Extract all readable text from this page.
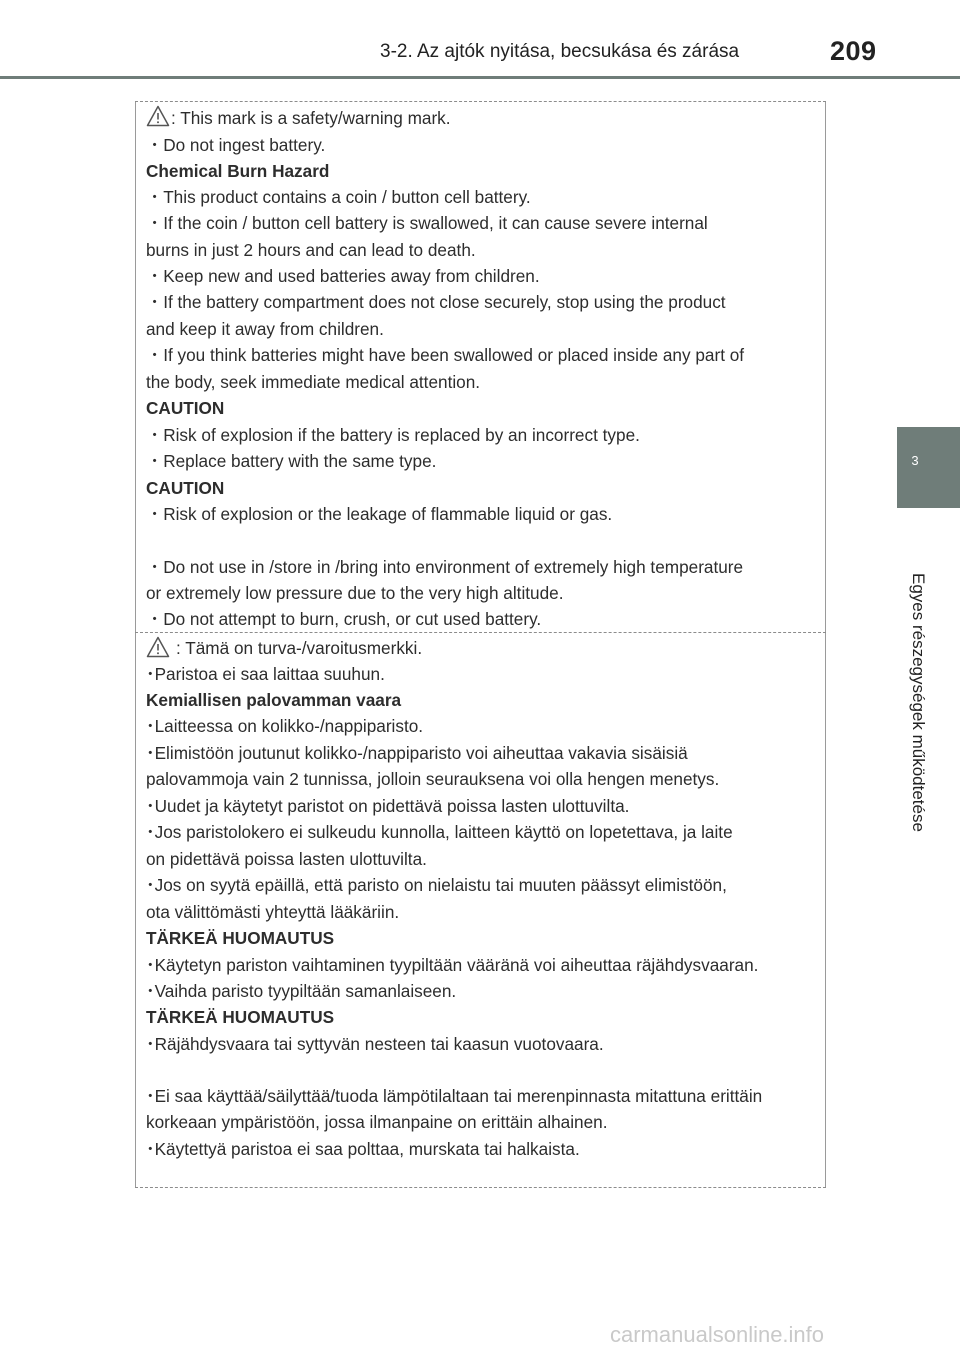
3-2. Az ajtók nyitása, becsukása és zárása	209
3
Egyes részegységek működtetése
: This mark is a safety/warning mark.
・Do not ingest battery.
Chemical Burn Hazard
・This product contains a coin / button cell battery.
・If the coin / button cell battery is swallowed, it can cause severe internal
burns in just 2 hours and can lead to death.
・Keep new and used batteries away from children.
・If the battery compartment does not close securely, stop using the product
and keep it away from children.
・If you think batteries might have been swallowed or placed inside any part of
the body, seek immediate medical attention.
CAUTION
・Risk of explosion if the battery is replaced by an incorrect type.
・Replace battery with the same type.
CAUTION
・Risk of explosion or the leakage of flammable liquid or gas.
・Do not use in /store in /bring into environment of extremely high temperature
or extremely low pressure due to the very high altitude.
・Do not attempt to burn, crush, or cut used battery.
: Tämä on turva-/varoitusmerkki.
･Paristoa ei saa laittaa suuhun.
Kemiallisen palovamman vaara
･Laitteessa on kolikko-/nappiparisto.
･Elimistöön joutunut kolikko-/nappiparisto voi aiheuttaa vakavia sisäisiä
palovammoja vain 2 tunnissa, jolloin seurauksena voi olla hengen menetys.
･Uudet ja käytetyt paristot on pidettävä poissa lasten ulottuvilta.
･Jos paristolokero ei sulkeudu kunnolla, laitteen käyttö on lopetettava, ja laite
on pidettävä poissa lasten ulottuvilta.
･Jos on syytä epäillä, että paristo on nielaistu tai muuten päässyt elimistöön,
ota välittömästi yhteyttä lääkäriin.
TÄRKEÄ HUOMAUTUS
･Käytetyn pariston vaihtaminen tyypiltään vääränä voi aiheuttaa räjähdysvaaran.
･Vaihda paristo tyypiltään samanlaiseen.
TÄRKEÄ HUOMAUTUS
･Räjähdysvaara tai syttyvän nesteen tai kaasun vuotovaara.
･Ei saa käyttää/säilyttää/tuoda lämpötilaltaan tai merenpinnasta mitattuna erittäin
korkeaan ympäristöön, jossa ilmanpaine on erittäin alhainen.
･Käytettyä paristoa ei saa polttaa, murskata tai halkaista.
carmanualsonline.info
